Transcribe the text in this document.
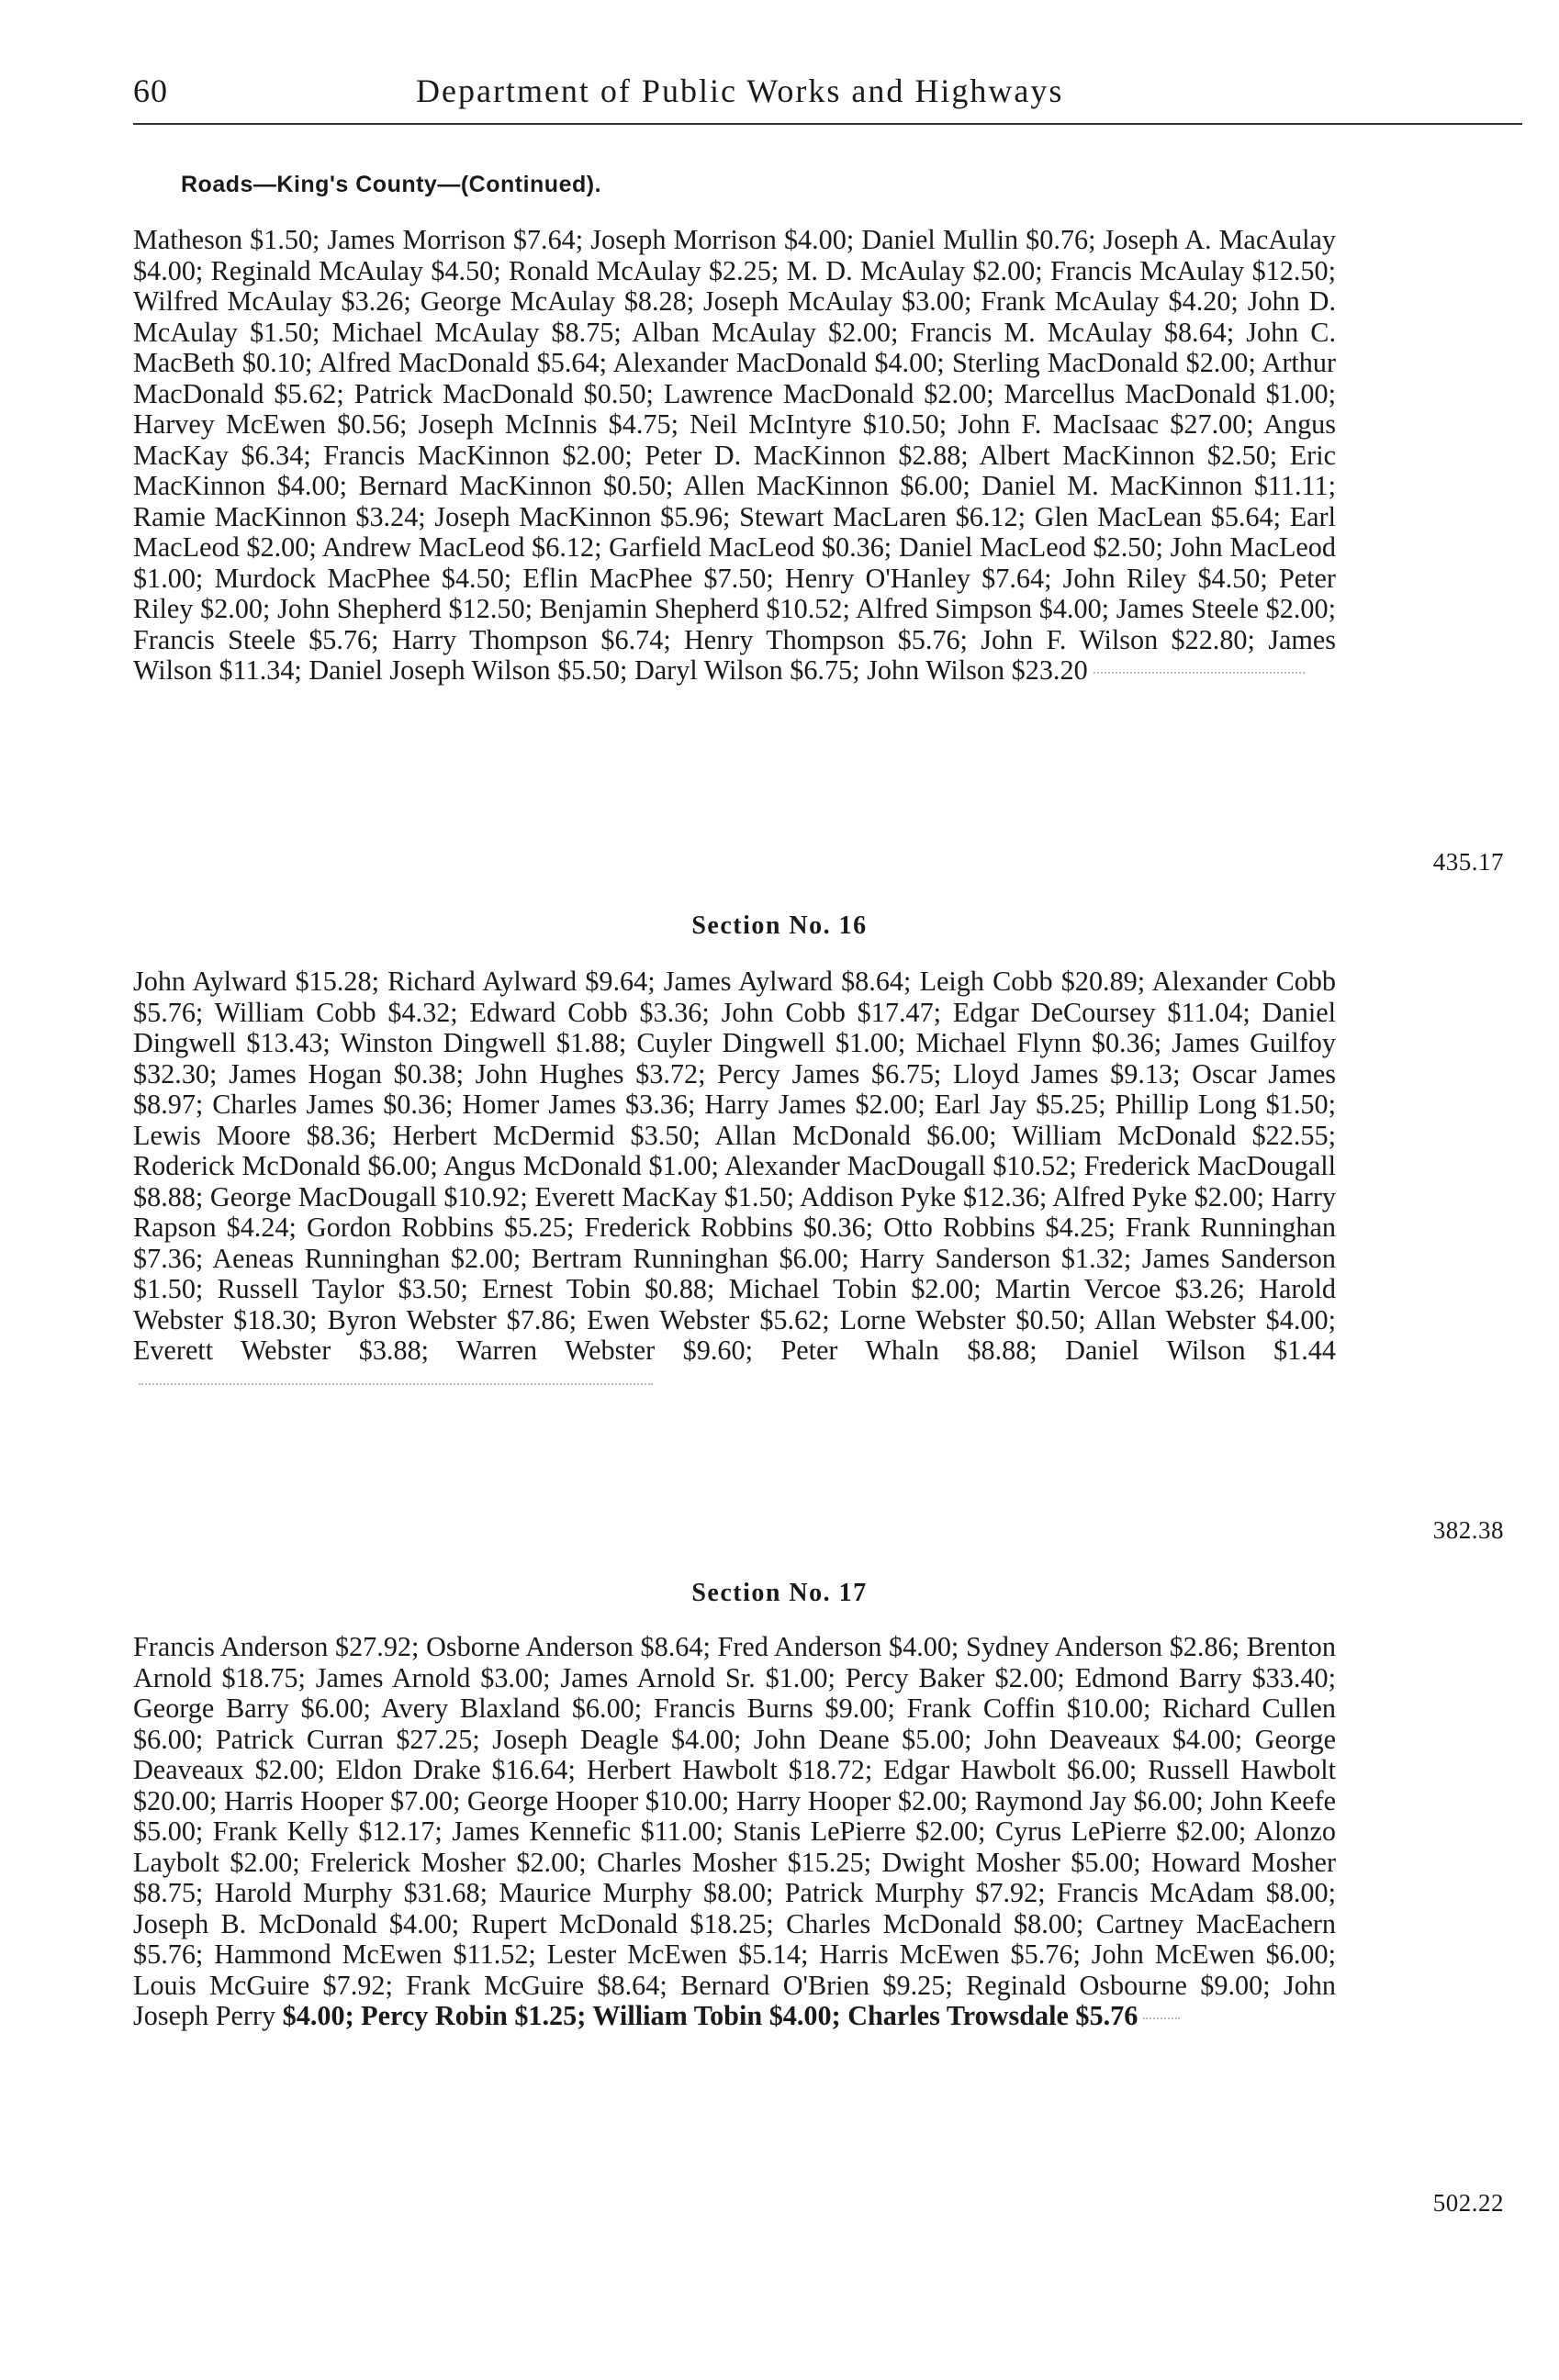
60	Department of Public Works and Highways
Roads—King's County—(Continued).

Matheson $1.50; James Morrison $7.64; Joseph Morrison $4.00; Daniel Mullin $0.76; Joseph A. MacAulay $4.00; Reginald McAulay $4.50; Ronald McAulay $2.25; M. D. McAulay $2.00; Francis McAulay $12.50; Wilfred McAulay $3.26; George McAulay $8.28; Joseph McAulay $3.00; Frank McAulay $4.20; John D. McAulay $1.50; Michael McAulay $8.75; Alban McAulay $2.00; Francis M. McAulay $8.64; John C. MacBeth $0.10; Alfred MacDonald $5.64; Alexander MacDonald $4.00; Sterling MacDonald $2.00; Arthur MacDonald $5.62; Patrick MacDonald $0.50; Lawrence MacDonald $2.00; Marcellus MacDonald $1.00; Harvey McEwen $0.56; Joseph McInnis $4.75; Neil McIntyre $10.50; John F. MacIsaac $27.00; Angus MacKay $6.34; Francis MacKinnon $2.00; Peter D. MacKinnon $2.88; Albert MacKinnon $2.50; Eric MacKinnon $4.00; Bernard MacKinnon $0.50; Allen MacKinnon $6.00; Daniel M. MacKinnon $11.11; Ramie MacKinnon $3.24; Joseph MacKinnon $5.96; Stewart MacLaren $6.12; Glen MacLean $5.64; Earl MacLeod $2.00; Andrew MacLeod $6.12; Garfield MacLeod $0.36; Daniel MacLeod $2.50; John MacLeod $1.00; Murdock MacPhee $4.50; Eflin MacPhee $7.50; Henry O'Hanley $7.64; John Riley $4.50; Peter Riley $2.00; John Shepherd $12.50; Benjamin Shepherd $10.52; Alfred Simpson $4.00; James Steele $2.00; Francis Steele $5.76; Harry Thompson $6.74; Henry Thompson $5.76; John F. Wilson $22.80; James Wilson $11.34; Daniel Joseph Wilson $5.50; Daryl Wilson $6.75; John Wilson $23.20

435.17
Section No. 16

John Aylward $15.28; Richard Aylward $9.64; James Aylward $8.64; Leigh Cobb $20.89; Alexander Cobb $5.76; William Cobb $4.32; Edward Cobb $3.36; John Cobb $17.47; Edgar DeCoursey $11.04; Daniel Dingwell $13.43; Winston Dingwell $1.88; Cuyler Dingwell $1.00; Michael Flynn $0.36; James Guilfoy $32.30; James Hogan $0.38; John Hughes $3.72; Percy James $6.75; Lloyd James $9.13; Oscar James $8.97; Charles James $0.36; Homer James $3.36; Harry James $2.00; Earl Jay $5.25; Phillip Long $1.50; Lewis Moore $8.36; Herbert McDermid $3.50; Allan McDonald $6.00; William McDonald $22.55; Roderick McDonald $6.00; Angus McDonald $1.00; Alexander MacDougall $10.52; Frederick MacDougall $8.88; George MacDougall $10.92; Everett MacKay $1.50; Addison Pyke $12.36; Alfred Pyke $2.00; Harry Rapson $4.24; Gordon Robbins $5.25; Frederick Robbins $0.36; Otto Robbins $4.25; Frank Runninghan $7.36; Aeneas Runninghan $2.00; Bertram Runninghan $6.00; Harry Sanderson $1.32; James Sanderson $1.50; Russell Taylor $3.50; Ernest Tobin $0.88; Michael Tobin $2.00; Martin Vercoe $3.26; Harold Webster $18.30; Byron Webster $7.86; Ewen Webster $5.62; Lorne Webster $0.50; Allan Webster $4.00; Everett Webster $3.88; Warren Webster $9.60; Peter Whaln $8.88; Daniel Wilson $1.44

382.38
Section No. 17

Francis Anderson $27.92; Osborne Anderson $8.64; Fred Anderson $4.00; Sydney Anderson $2.86; Brenton Arnold $18.75; James Arnold $3.00; James Arnold Sr. $1.00; Percy Baker $2.00; Edmond Barry $33.40; George Barry $6.00; Avery Blaxland $6.00; Francis Burns $9.00; Frank Coffin $10.00; Richard Cullen $6.00; Patrick Curran $27.25; Joseph Deagle $4.00; John Deane $5.00; John Deaveaux $4.00; George Deaveaux $2.00; Eldon Drake $16.64; Herbert Hawbolt $18.72; Edgar Hawbolt $6.00; Russell Hawbolt $20.00; Harris Hooper $7.00; George Hooper $10.00; Harry Hooper $2.00; Raymond Jay $6.00; John Keefe $5.00; Frank Kelly $12.17; James Kennefic $11.00; Stanis LePierre $2.00; Cyrus LePierre $2.00; Alonzo Laybolt $2.00; Frelerick Mosher $2.00; Charles Mosher $15.25; Dwight Mosher $5.00; Howard Mosher $8.75; Harold Murphy $31.68; Maurice Murphy $8.00; Patrick Murphy $7.92; Francis McAdam $8.00; Joseph B. McDonald $4.00; Rupert McDonald $18.25; Charles McDonald $8.00; Cartney MacEachern $5.76; Hammond McEwen $11.52; Lester McEwen $5.14; Harris McEwen $5.76; John McEwen $6.00; Louis McGuire $7.92; Frank McGuire $8.64; Bernard O'Brien $9.25; Reginald Osbourne $9.00; John Joseph Perry $4.00; Percy Robin $1.25; William Tobin $4.00; Charles Trowsdale $5.76

502.22
